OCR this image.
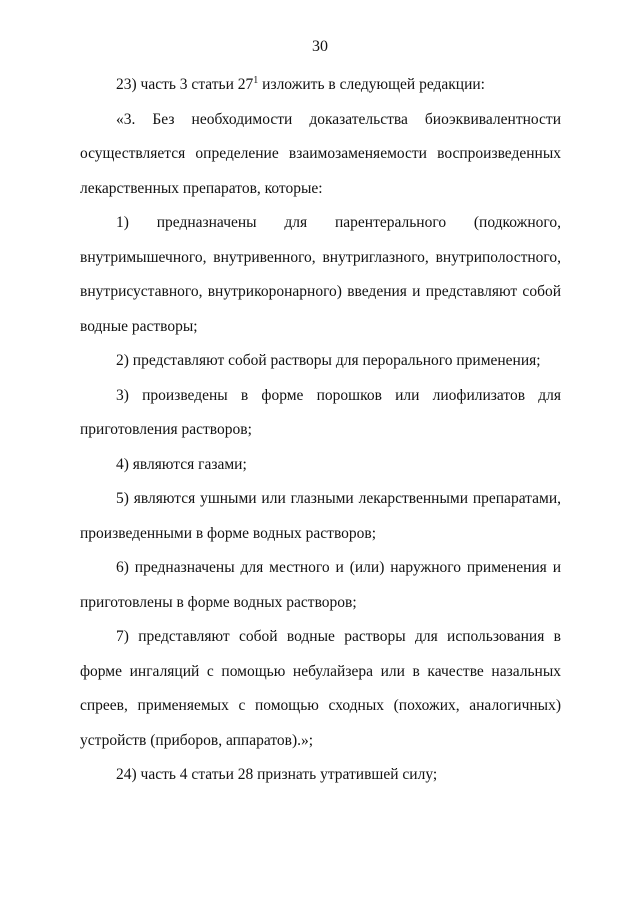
30

23) часть 3 статьи $27^1$ изложить в следующей редакции:

«3. Без необходимости доказательства биоэквивалентности осуществляется определение взаимозаменяемости воспроизведенных лекарственных препаратов, которые:

1) предназначены для парентерального (подкожного, внутримышечного, внутривенного, внутриглазного, внутриполостного, внутрисуставного, внутрикоронарного) введения и представляют собой водные растворы;

2) представляют собой растворы для перорального применения;

3) произведены в форме порошков или лиофилизатов для приготовления растворов;

4) являются газами;

5) являются ушными или глазными лекарственными препаратами, произведенными в форме водных растворов;

6) предназначены для местного и (или) наружного применения и приготовлены в форме водных растворов;

7) представляют собой водные растворы для использования в форме ингаляций с помощью небулайзера или в качестве назальных спреев, применяемых с помощью сходных (похожих, аналогичных) устройств (приборов, аппаратов).»;

24) часть 4 статьи 28 признать утратившей силу;
